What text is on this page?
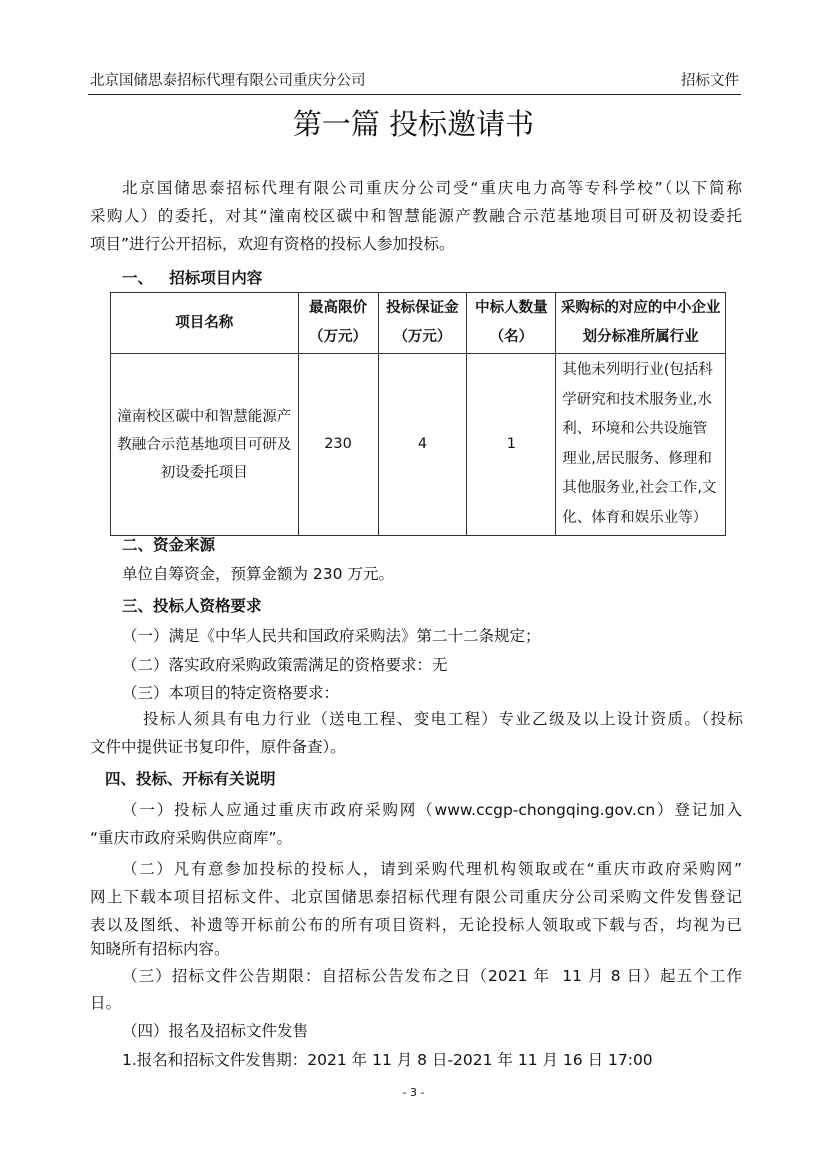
北京国储思泰招标代理有限公司重庆分公司	招标文件
第一篇 投标邀请书
北京国储思泰招标代理有限公司重庆分公司受“重庆电力高等专科学校”（以下简称
采购人）的委托，对其“潼南校区碳中和智慧能源产教融合示范基地项目可研及初设委托
项目”进行公开招标，欢迎有资格的投标人参加投标。
一、   招标项目内容
项目名称	最高限价（万元）	投标保证金（万元）	中标人数量（名）	采购标的对应的中小企业划分标准所属行业
潼南校区碳中和智慧能源产教融合示范基地项目可研及初设委托项目	230	4	1	其他未列明行业(包括科学研究和技术服务业,水利、环境和公共设施管理业,居民服务、修理和其他服务业,社会工作,文化、体育和娱乐业等）
二、资金来源
单位自筹资金，预算金额为 230 万元。
三、投标人资格要求
（一）满足《中华人民共和国政府采购法》第二十二条规定；
（二）落实政府采购政策需满足的资格要求：无
（三）本项目的特定资格要求：
投标人须具有电力行业（送电工程、变电工程）专业乙级及以上设计资质。（投标
文件中提供证书复印件，原件备查）。
四、投标、开标有关说明
（一）投标人应通过重庆市政府采购网（www.ccgp-chongqing.gov.cn）登记加入
“重庆市政府采购供应商库”。
（二）凡有意参加投标的投标人，请到采购代理机构领取或在“重庆市政府采购网”
网上下载本项目招标文件、北京国储思泰招标代理有限公司重庆分公司采购文件发售登记
表以及图纸、补遗等开标前公布的所有项目资料，无论投标人领取或下载与否，均视为已
知晓所有招标内容。
（三）招标文件公告期限：自招标公告发布之日（2021 年  11 月 8 日）起五个工作
日。
（四）报名及招标文件发售
1.报名和招标文件发售期：2021 年 11 月 8 日-2021 年 11 月 16 日 17:00
- 3 -
